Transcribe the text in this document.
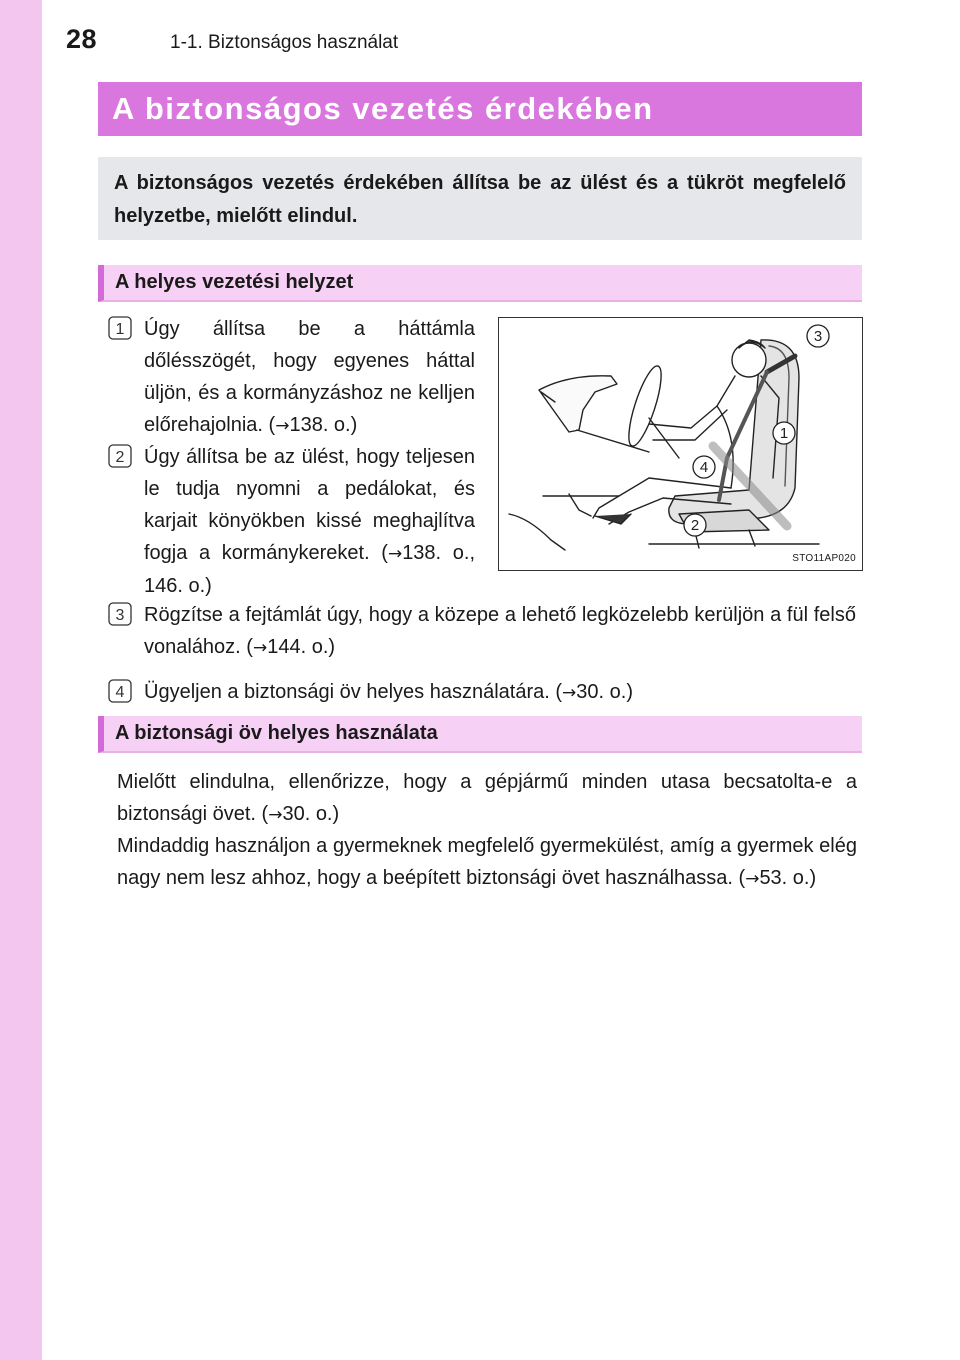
28	1-1. Biztonságos használat
A biztonságos vezetés érdekében
A biztonságos vezetés érdekében állítsa be az ülést és a tükröt megfelelő helyzetbe, mielőtt elindul.
A helyes vezetési helyzet
1
2
3
4
Úgy állítsa be a háttámla dőlésszögét, hogy egyenes háttal üljön, és a kormányzáshoz ne kelljen előrehajolnia. (→138. o.)
Úgy állítsa be az ülést, hogy teljesen le tudja nyomni a pedálokat, és karjait könyökben kissé meghajlítva fogja a kormánykereket. (→138. o., 146. o.)
Rögzítse a fejtámlát úgy, hogy a közepe a lehető legközelebb kerüljön a fül felső vonalához. (→144. o.)
Ügyeljen a biztonsági öv helyes használatára. (→30. o.)
3
1
4
2
STO11AP020
A biztonsági öv helyes használata
Mielőtt elindulna, ellenőrizze, hogy a gépjármű minden utasa becsatolta-e a biztonsági övet. (→30. o.)
Mindaddig használjon a gyermeknek megfelelő gyermekülést, amíg a gyermek elég nagy nem lesz ahhoz, hogy a beépített biztonsági övet használhassa. (→53. o.)
